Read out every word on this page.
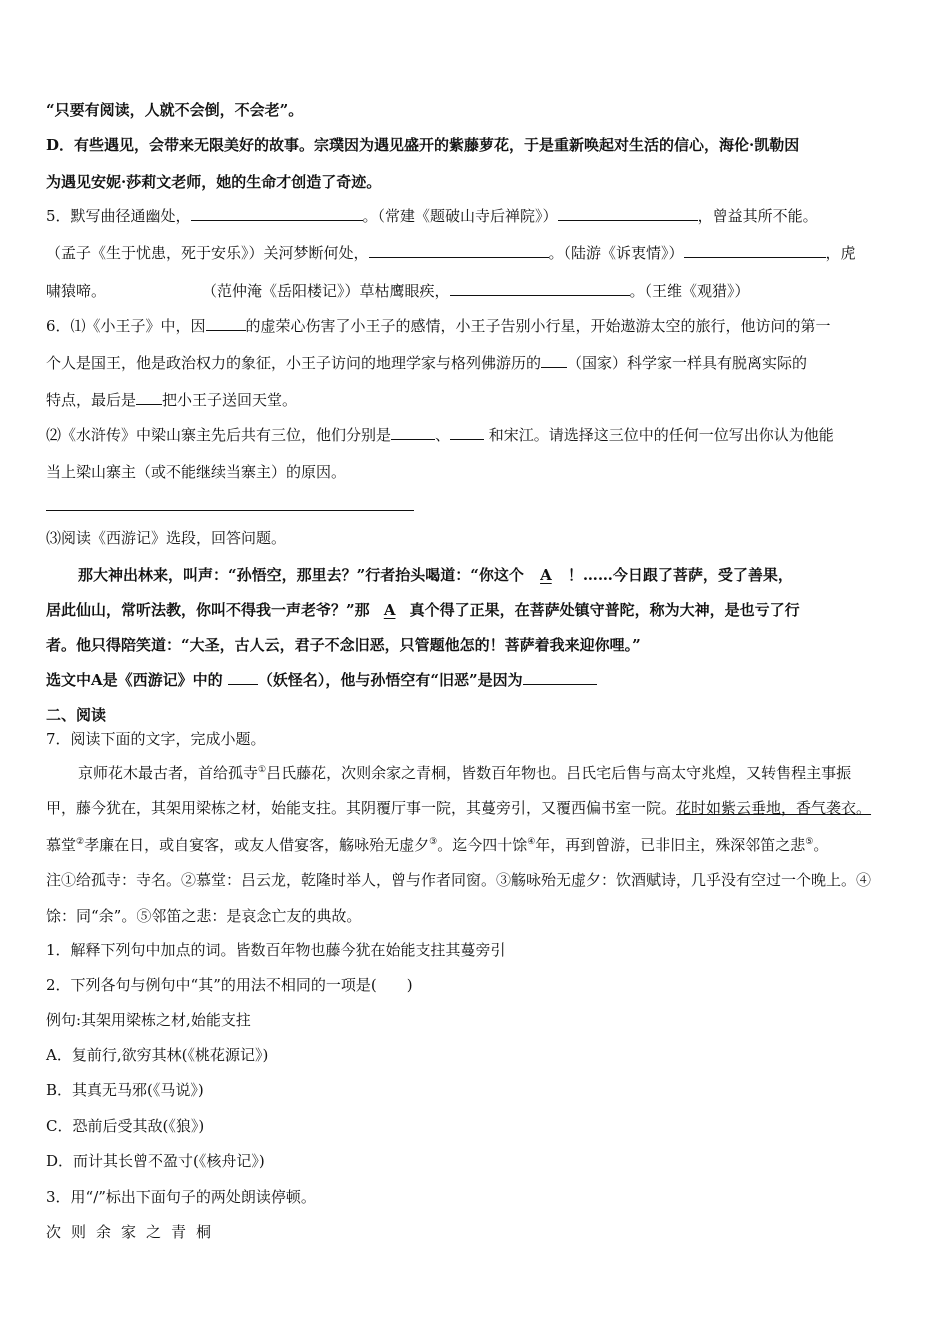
“只要有阅读，人就不会倒，不会老”。
D．有些遇见，会带来无限美好的故事。宗璞因为遇见盛开的紫藤萝花，于是重新唤起对生活的信心，海伦·凯勒因
为遇见安妮·莎莉文老师，她的生命才创造了奇迹。
5．默写曲径通幽处，	。（常建《题破山寺后禅院》）	，曾益其所不能。
（孟子《生于忧患，死于安乐》）关河梦断何处，	。（陆游《诉衷情》）	，虎
啸猿啼。	（范仲淹《岳阳楼记》）草枯鹰眼疾，	。（王维《观猎》）
6．⑴《小王子》中，因	的虚荣心伤害了小王子的感情，小王子告别小行星，开始遨游太空的旅行，他访问的第一
个人是国王，他是政治权力的象征，小王子访问的地理学家与格列佛游历的 （国家）科学家一样具有脱离实际的
特点，最后是 把小王子送回天堂。
⑵《水浒传》中梁山寨主先后共有三位，他们分别是	、 和宋江。请选择这三位中的任何一位写出你认为他能
当上梁山寨主（或不能继续当寨主）的原因。
⑶阅读《西游记》选段，回答问题。
那大神出林来，叫声：“孙悟空，那里去？”行者抬头喝道：“你这个 A ！……今日跟了菩萨，受了善果，
居此仙山，常听法教，你叫不得我一声老爷？”那 A 真个得了正果，在菩萨处镇守普陀，称为大神，是也亏了行
者。他只得陪笑道：“大圣，古人云，君子不念旧恶，只管题他怎的！菩萨着我来迎你哩。”
选文中A是《西游记》中的 （妖怪名），他与孙悟空有“旧恶”是因为
二、阅读
7．阅读下面的文字，完成小题。
京师花木最古者，首给孤寺①吕氏藤花，次则余家之青桐，皆数百年物也。吕氏宅后售与高太守兆煌，又转售程主事振
甲，藤今犹在，其架用梁栋之材，始能支拄。其阴覆厅事一院，其蔓旁引，又覆西偏书室一院。花时如紫云垂地，香气袭衣。
慕堂②孝廉在日，或自宴客，或友人借宴客，觞咏殆无虚夕③。迄今四十馀④年，再到曾游，已非旧主，殊深邻笛之悲⑤。
注①给孤寺：寺名。②慕堂：吕云龙，乾隆时举人，曾与作者同窗。③觞咏殆无虚夕：饮酒赋诗，几乎没有空过一个晚上。④
馀：同“余”。⑤邻笛之悲：是哀念亡友的典故。
1．解释下列句中加点的词。皆数百年物也藤今犹在始能支拄其蔓旁引
2．下列各句与例句中“其”的用法不相同的一项是(　　)
例句:其架用梁栋之材,始能支拄
A．复前行,欲穷其林(《桃花源记》)
B．其真无马邪(《马说》)
C．恐前后受其敌(《狼》)
D．而计其长曾不盈寸(《核舟记》)
3．用“/”标出下面句子的两处朗读停顿。
次则余家之青桐
